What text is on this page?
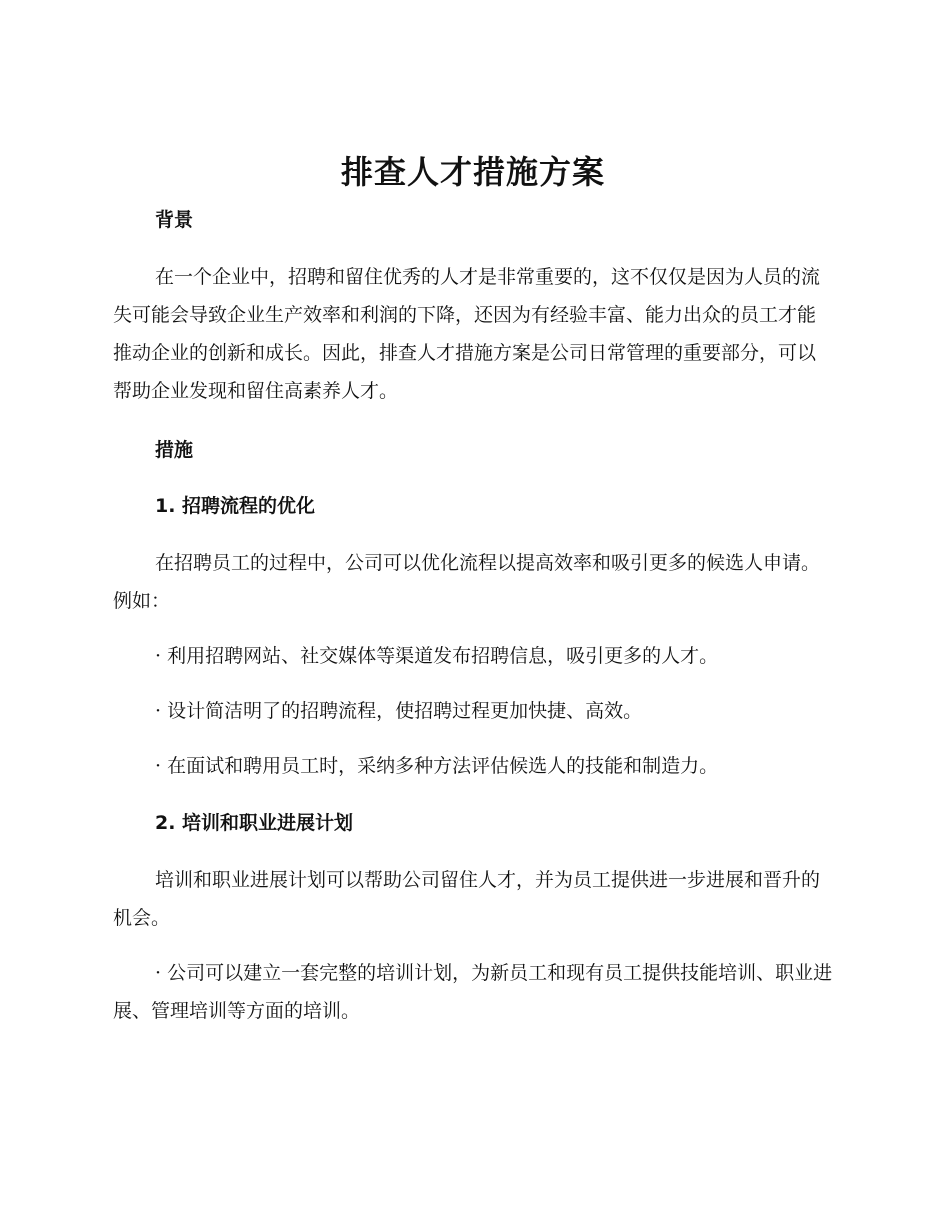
排查人才措施方案
背景

在一个企业中，招聘和留住优秀的人才是非常重要的，这不仅仅是因为人员的流失可能会导致企业生产效率和利润的下降，还因为有经验丰富、能力出众的员工才能推动企业的创新和成长。因此，排查人才措施方案是公司日常管理的重要部分，可以帮助企业发现和留住高素养人才。

措施
1. 招聘流程的优化

在招聘员工的过程中，公司可以优化流程以提高效率和吸引更多的候选人申请。例如：

· 利用招聘网站、社交媒体等渠道发布招聘信息，吸引更多的人才。

· 设计简洁明了的招聘流程，使招聘过程更加快捷、高效。

· 在面试和聘用员工时，采纳多种方法评估候选人的技能和制造力。

2. 培训和职业进展计划

培训和职业进展计划可以帮助公司留住人才，并为员工提供进一步进展和晋升的机会。

· 公司可以建立一套完整的培训计划，为新员工和现有员工提供技能培训、职业进展、管理培训等方面的培训。
